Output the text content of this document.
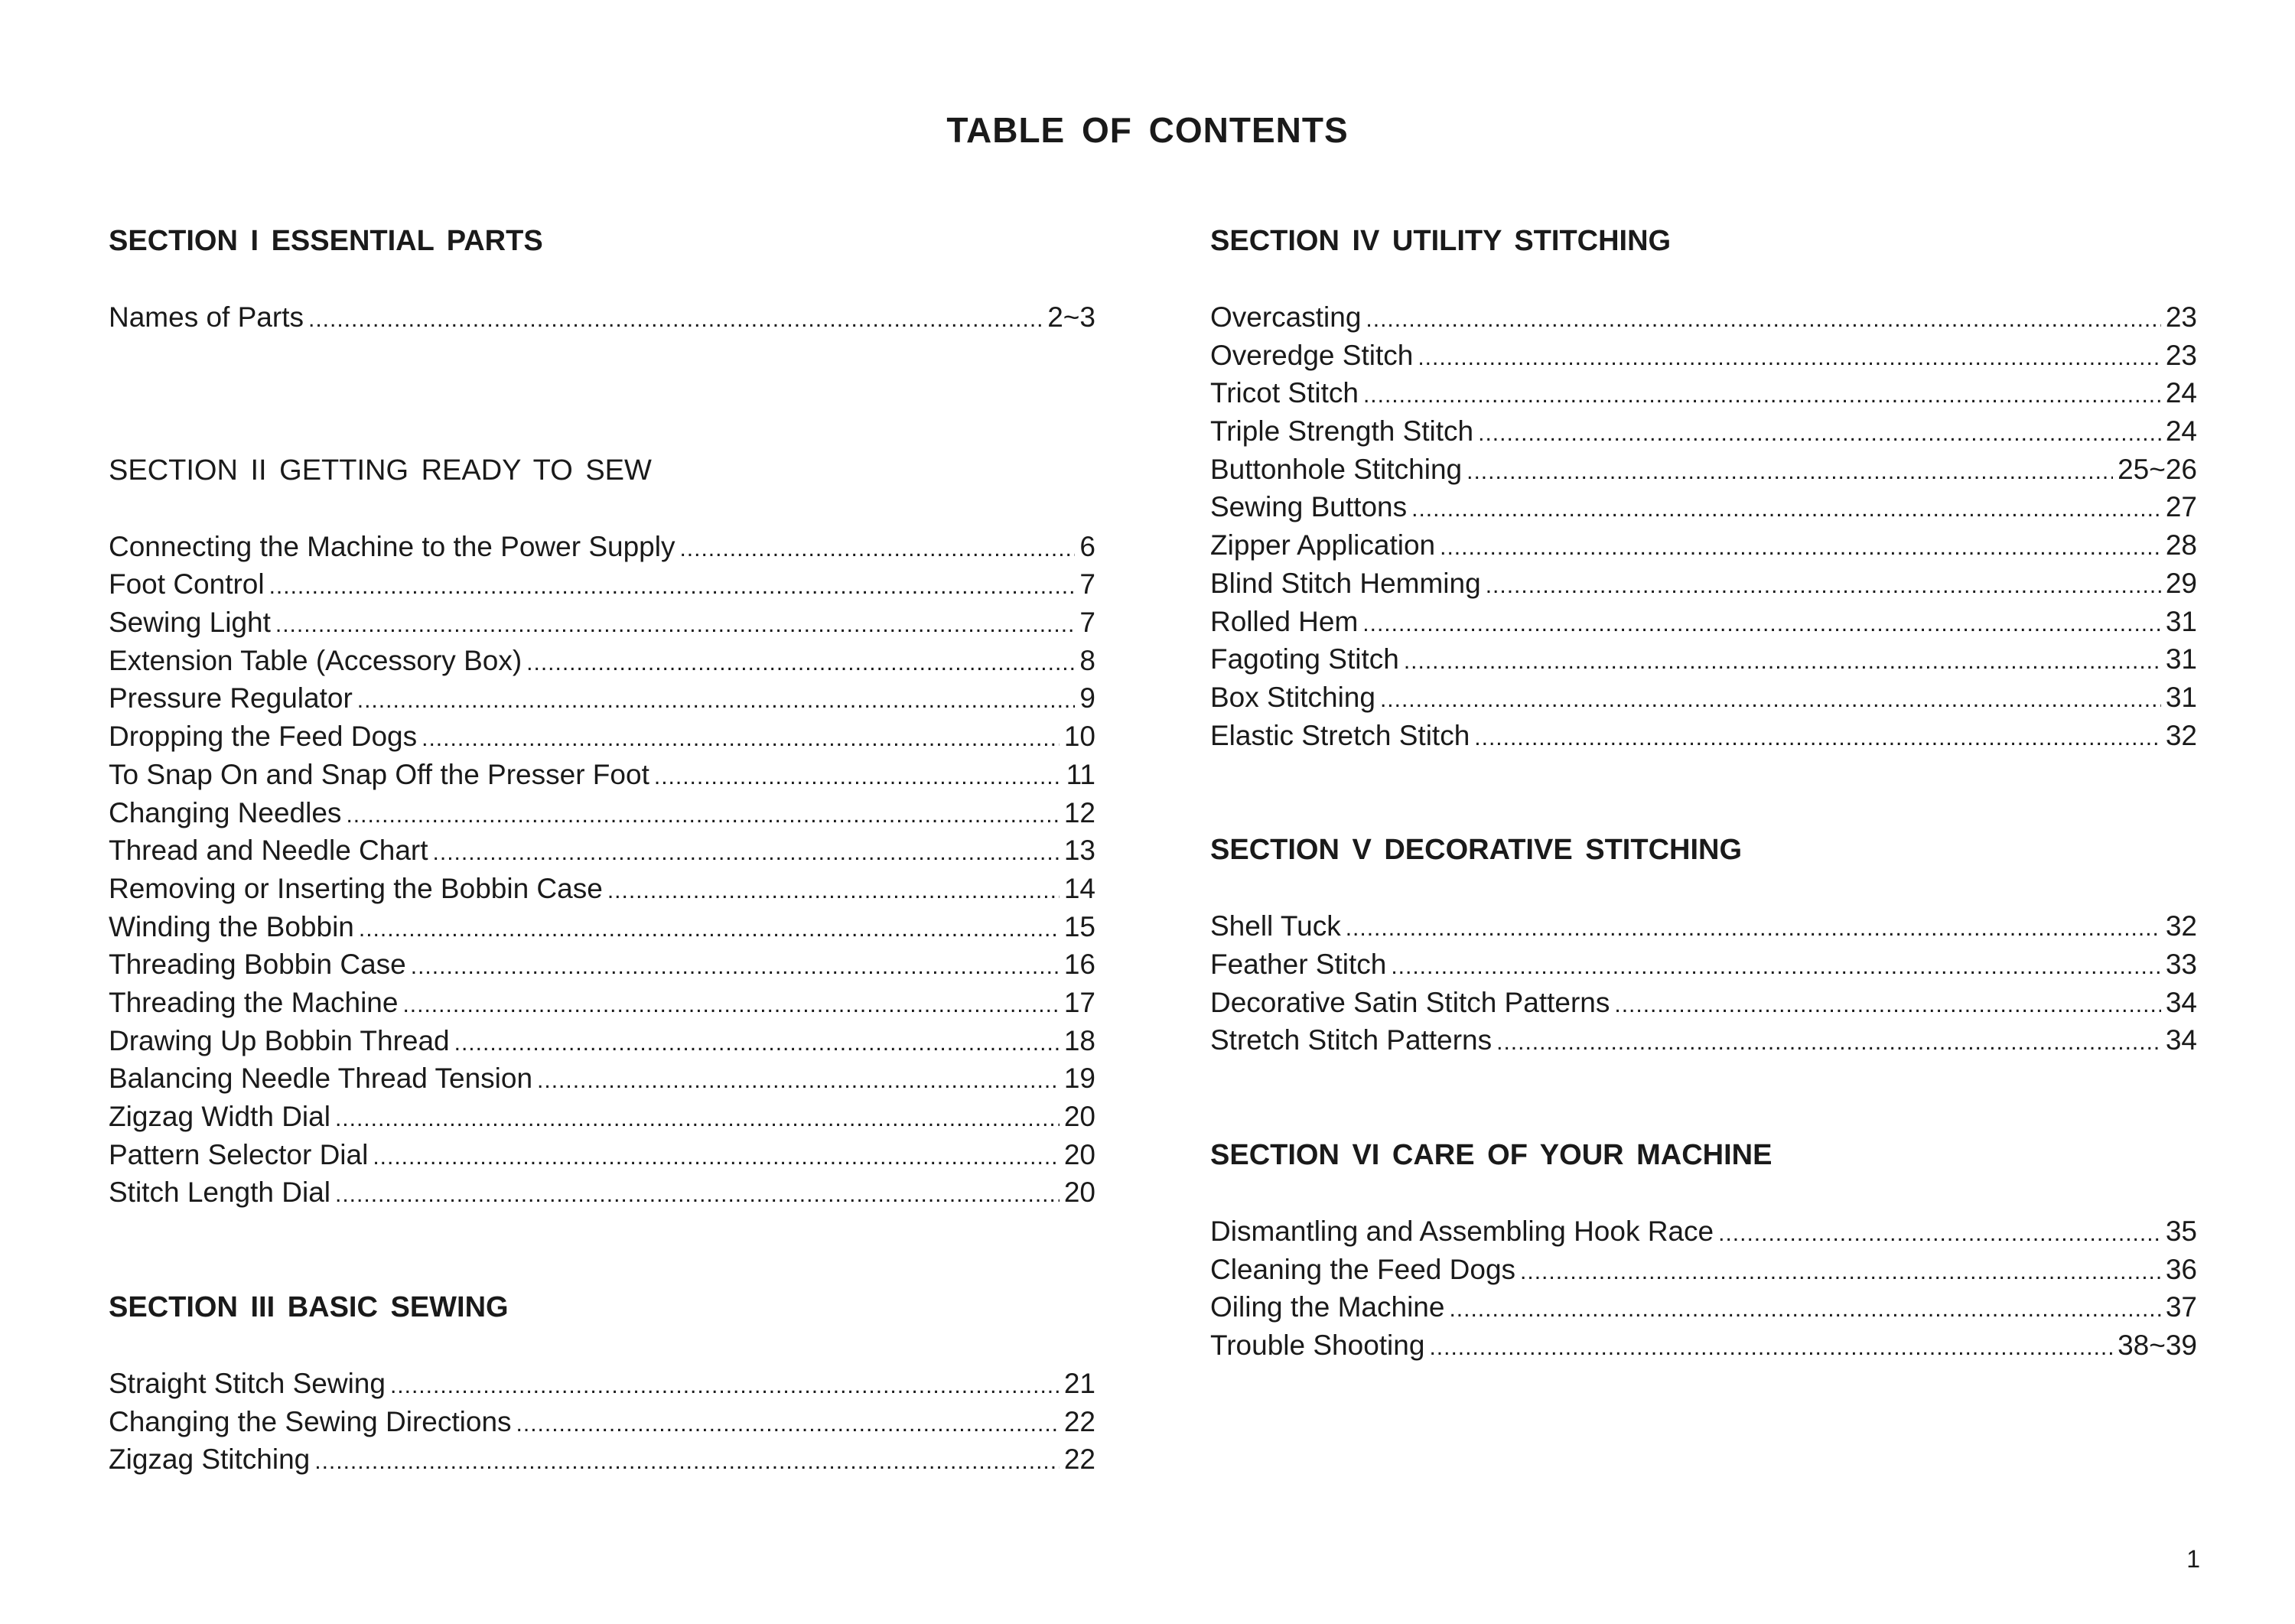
TABLE OF CONTENTS
SECTION I ESSENTIAL PARTS
Names of Parts .....	2~3
SECTION II GETTING READY TO SEW
Connecting the Machine to the Power Supply .....	6
Foot Control .....	7
Sewing Light .....	7
Extension Table (Accessory Box) .....	8
Pressure Regulator .....	9
Dropping the Feed Dogs .....	10
To Snap On and Snap Off the Presser Foot .....	11
Changing Needles .....	12
Thread and Needle Chart .....	13
Removing or Inserting the Bobbin Case .....	14
Winding the Bobbin .....	15
Threading Bobbin Case .....	16
Threading the Machine .....	17
Drawing Up Bobbin Thread .....	18
Balancing Needle Thread Tension .....	19
Zigzag Width Dial .....	20
Pattern Selector Dial .....	20
Stitch Length Dial .....	20
SECTION III BASIC SEWING
Straight Stitch Sewing .....	21
Changing the Sewing Directions .....	22
Zigzag Stitching .....	22
SECTION IV UTILITY STITCHING
Overcasting .....	23
Overedge Stitch .....	23
Tricot Stitch .....	24
Triple Strength Stitch .....	24
Buttonhole Stitching .....	25~26
Sewing Buttons .....	27
Zipper Application .....	28
Blind Stitch Hemming .....	29
Rolled Hem .....	31
Fagoting Stitch .....	31
Box Stitching .....	31
Elastic Stretch Stitch .....	32
SECTION V DECORATIVE STITCHING
Shell Tuck .....	32
Feather Stitch .....	33
Decorative Satin Stitch Patterns .....	34
Stretch Stitch Patterns .....	34
SECTION VI CARE OF YOUR MACHINE
Dismantling and Assembling Hook Race .....	35
Cleaning the Feed Dogs .....	36
Oiling the Machine .....	37
Trouble Shooting .....	38~39
1
